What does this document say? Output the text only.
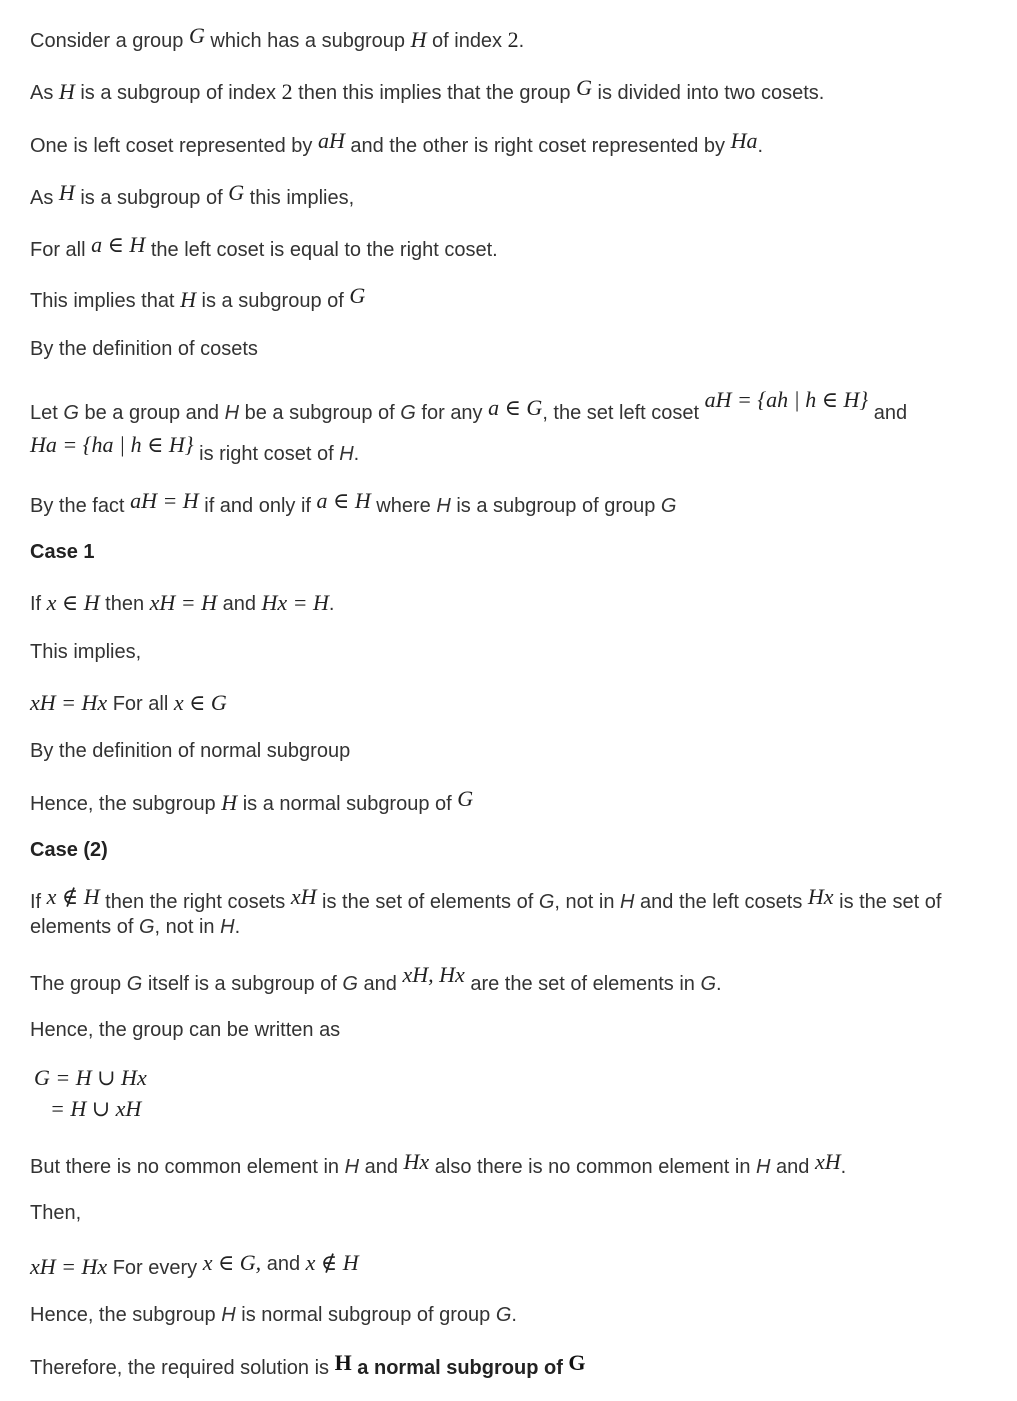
Consider a group G which has a subgroup H of index 2.
As H is a subgroup of index 2 then this implies that the group G is divided into two cosets.
One is left coset represented by aH and the other is right coset represented by Ha.
As H is a subgroup of G this implies,
For all a ∈ H the left coset is equal to the right coset.
This implies that H is a subgroup of G
By the definition of cosets
Let G be a group and H be a subgroup of G for any a ∈ G, the set left coset aH = {ah | h ∈ H} and
Ha = {ha | h ∈ H} is right coset of H.
By the fact aH = H if and only if a ∈ H where H is a subgroup of group G
Case 1
If x ∈ H then xH = H and Hx = H.
This implies,
xH = Hx For all x ∈ G
By the definition of normal subgroup
Hence, the subgroup H is a normal subgroup of G
Case (2)
If x ∉ H then the right cosets xH is the set of elements of G, not in H and the left cosets Hx is the set of
elements of G, not in H.
The group G itself is a subgroup of G and xH, Hx are the set of elements in G.
Hence, the group can be written as
G = H ∪ Hx
= H ∪ xH
But there is no common element in H and Hx also there is no common element in H and xH.
Then,
xH = Hx For every x ∈ G, and x ∉ H
Hence, the subgroup H is normal subgroup of group G.
Therefore, the required solution is H a normal subgroup of G
